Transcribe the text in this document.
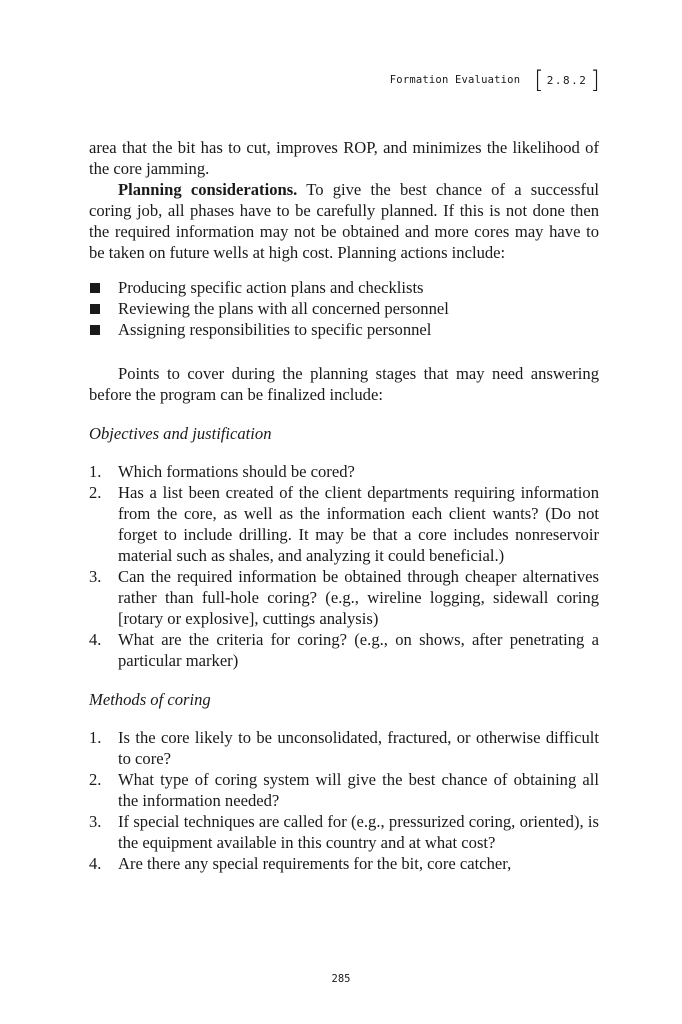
Formation Evaluation [ 2.8.2 ]

area that the bit has to cut, improves ROP, and minimizes the likelihood of the core jamming.

Planning considerations. To give the best chance of a successful coring job, all phases have to be carefully planned. If this is not done then the required information may not be obtained and more cores may have to be taken on future wells at high cost. Planning actions include:

Producing specific action plans and checklists
Reviewing the plans with all concerned personnel
Assigning responsibilities to specific personnel

Points to cover during the planning stages that may need answering before the program can be finalized include:

Objectives and justification
1. Which formations should be cored?
2. Has a list been created of the client departments requiring information from the core, as well as the information each client wants? (Do not forget to include drilling. It may be that a core includes nonreservoir material such as shales, and analyzing it could beneficial.)
3. Can the required information be obtained through cheaper alternatives rather than full-hole coring? (e.g., wireline logging, sidewall coring [rotary or explosive], cuttings analysis)
4. What are the criteria for coring? (e.g., on shows, after penetrating a particular marker)
Methods of coring
1. Is the core likely to be unconsolidated, fractured, or otherwise difficult to core?
2. What type of coring system will give the best chance of obtaining all the information needed?
3. If special techniques are called for (e.g., pressurized coring, oriented), is the equipment available in this country and at what cost?
4. Are there any special requirements for the bit, core catcher,
285
